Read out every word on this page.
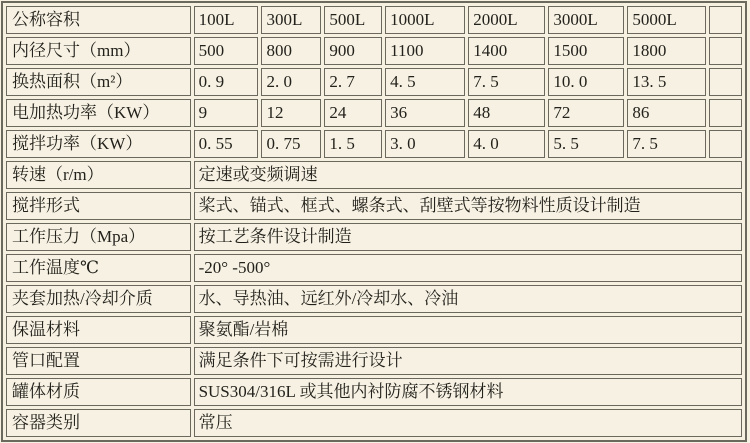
公称容积	100L	300L	500L	1000L	2000L	3000L	5000L	
内径尺寸（mm）	500	800	900	1100	1400	1500	1800	
换热面积（m²）	0. 9	2. 0	2. 7	4. 5	7. 5	10. 0	13. 5	
电加热功率（KW）	9	12	24	36	48	72	86	
搅拌功率（KW）	0. 55	0. 75	1. 5	3. 0	4. 0	5. 5	7. 5	
转速（r/m）	定速或变频调速							
搅拌形式	桨式、锚式、框式、螺条式、刮壁式等按物料性质设计制造							
工作压力（Mpa）	按工艺条件设计制造							
工作温度℃	-20° -500°							
夹套加热/冷却介质	水、导热油、远红外/冷却水、冷油							
保温材料	聚氨酯/岩棉							
管口配置	满足条件下可按需进行设计							
罐体材质	SUS304/316L 或其他内衬防腐不锈钢材料							
容器类别	常压							
